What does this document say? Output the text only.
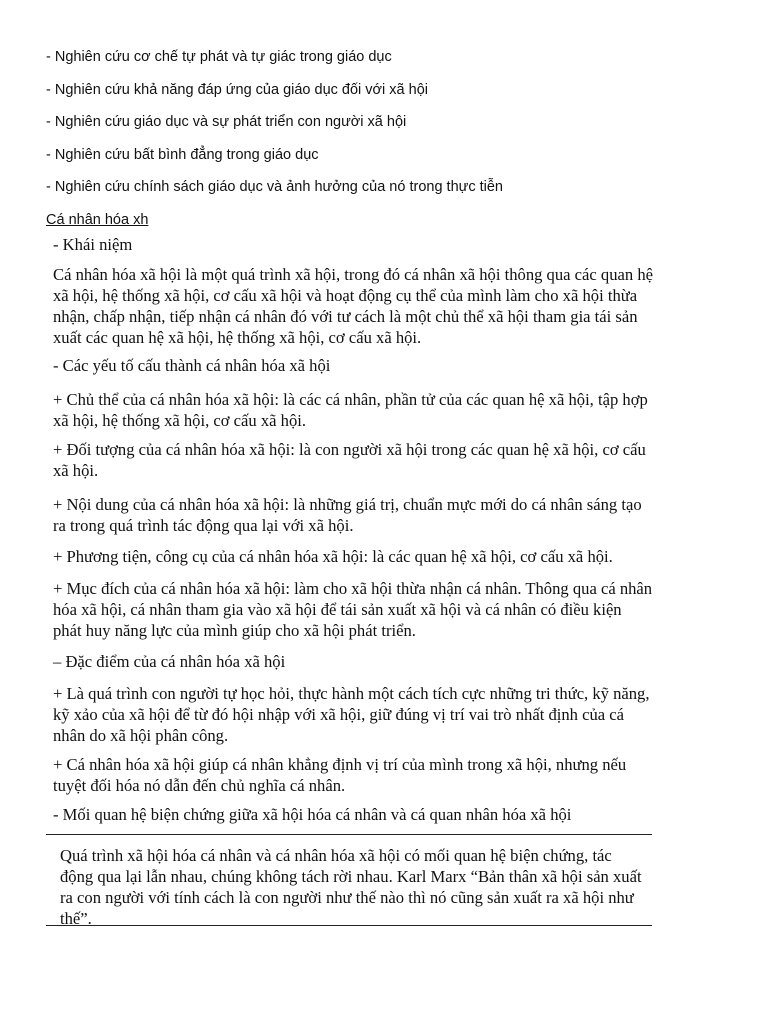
- Nghiên cứu cơ chế tự phát và tự giác trong giáo dục
- Nghiên cứu khả năng đáp ứng của giáo dục đối với xã hội
- Nghiên cứu giáo dục và sự phát triển con người xã hội
- Nghiên cứu bất bình đẳng trong giáo dục
- Nghiên cứu chính sách giáo dục và ảnh hưởng của nó trong thực tiễn
Cá nhân hóa xh
- Khái niệm

Cá nhân hóa xã hội là một quá trình xã hội, trong đó cá nhân xã hội thông qua các quan hệ xã hội, hệ thống xã hội, cơ cấu xã hội và hoạt động cụ thể của mình làm cho xã hội thừa nhận, chấp nhận, tiếp nhận cá nhân đó với tư cách là một chủ thể xã hội tham gia tái sản xuất các quan hệ xã hội, hệ thống xã hội, cơ cấu xã hội.

- Các yếu tố cấu thành cá nhân hóa xã hội

+ Chủ thể của cá nhân hóa xã hội: là các cá nhân, phần tử của các quan hệ xã hội, tập hợp xã hội, hệ thống xã hội, cơ cấu xã hội.

+ Đối tượng của cá nhân hóa xã hội: là con người xã hội trong các quan hệ xã hội, cơ cấu xã hội.

+ Nội dung của cá nhân hóa xã hội: là những giá trị, chuẩn mực mới do cá nhân sáng tạo ra trong quá trình tác động qua lại với xã hội.

+ Phương tiện, công cụ của cá nhân hóa xã hội: là các quan hệ xã hội, cơ cấu xã hội.

+ Mục đích của cá nhân hóa xã hội: làm cho xã hội thừa nhận cá nhân. Thông qua cá nhân hóa xã hội, cá nhân tham gia vào xã hội để tái sản xuất xã hội và cá nhân có điều kiện phát huy năng lực của mình giúp cho xã hội phát triển.

– Đặc điểm của cá nhân hóa xã hội

+ Là quá trình con người tự học hỏi, thực hành một cách tích cực những tri thức, kỹ năng, kỹ xảo của xã hội để từ đó hội nhập với xã hội, giữ đúng vị trí vai trò nhất định của cá nhân do xã hội phân công.

+ Cá nhân hóa xã hội giúp cá nhân khẳng định vị trí của mình trong xã hội, nhưng nếu tuyệt đối hóa nó dẫn đến chủ nghĩa cá nhân.

- Mối quan hệ biện chứng giữa xã hội hóa cá nhân và cá quan nhân hóa xã hội

Quá trình xã hội hóa cá nhân và cá nhân hóa xã hội có mối quan hệ biện chứng, tác động qua lại lẫn nhau, chúng không tách rời nhau. Karl Marx “Bản thân xã hội sản xuất ra con người với tính cách là con người như thế nào thì nó cũng sản xuất ra xã hội như thế”.
